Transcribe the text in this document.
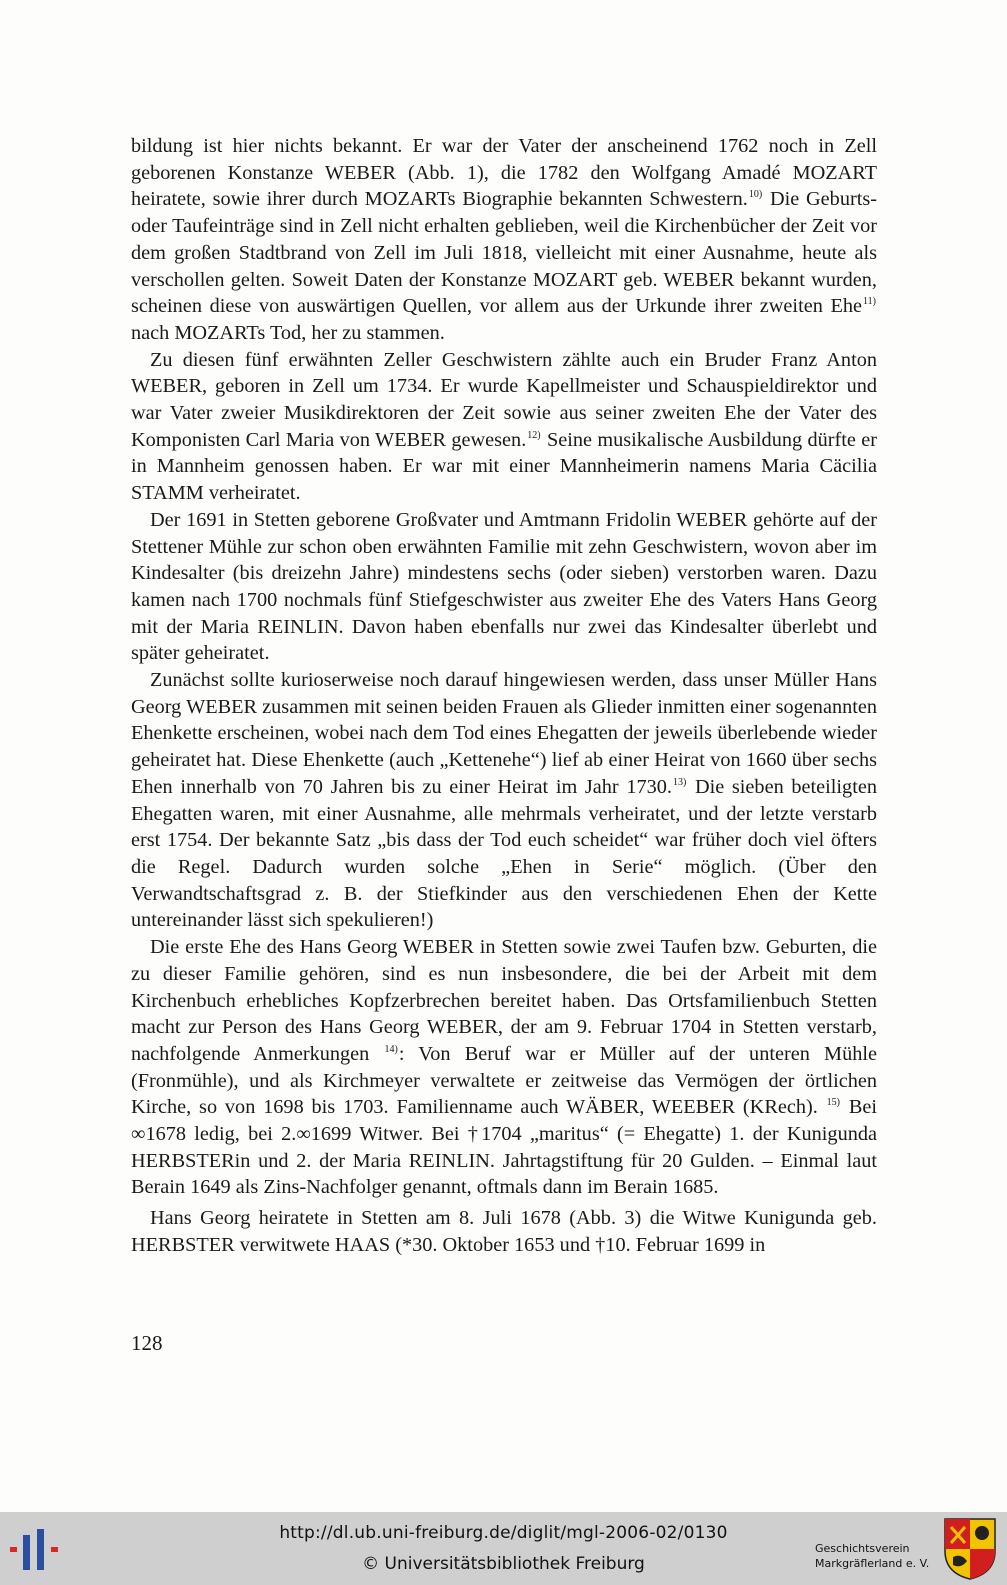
bildung ist hier nichts bekannt. Er war der Vater der anscheinend 1762 noch in Zell geborenen Konstanze WEBER (Abb. 1), die 1782 den Wolfgang Amadé MOZART heiratete, sowie ihrer durch MOZARTs Biographie bekannten Schwestern.$^{10)}$ Die Geburts- oder Taufeinträge sind in Zell nicht erhalten geblieben, weil die Kirchenbücher der Zeit vor dem großen Stadtbrand von Zell im Juli 1818, vielleicht mit einer Ausnahme, heute als verschollen gelten. Soweit Daten der Konstanze MOZART geb. WEBER bekannt wurden, scheinen diese von auswärtigen Quellen, vor allem aus der Urkunde ihrer zweiten Ehe$^{11)}$ nach MOZARTs Tod, her zu stammen.

Zu diesen fünf erwähnten Zeller Geschwistern zählte auch ein Bruder Franz Anton WEBER, geboren in Zell um 1734. Er wurde Kapellmeister und Schauspieldirektor und war Vater zweier Musikdirektoren der Zeit sowie aus seiner zweiten Ehe der Vater des Komponisten Carl Maria von WEBER gewesen.$^{12)}$ Seine musikalische Ausbildung dürfte er in Mannheim genossen haben. Er war mit einer Mannheimerin namens Maria Cäcilia STAMM verheiratet.

Der 1691 in Stetten geborene Großvater und Amtmann Fridolin WEBER gehörte auf der Stettener Mühle zur schon oben erwähnten Familie mit zehn Geschwistern, wovon aber im Kindesalter (bis dreizehn Jahre) mindestens sechs (oder sieben) verstorben waren. Dazu kamen nach 1700 nochmals fünf Stiefgeschwister aus zweiter Ehe des Vaters Hans Georg mit der Maria REINLIN. Davon haben ebenfalls nur zwei das Kindesalter überlebt und später geheiratet.

Zunächst sollte kurioserweise noch darauf hingewiesen werden, dass unser Müller Hans Georg WEBER zusammen mit seinen beiden Frauen als Glieder inmitten einer sogenannten Ehenkette erscheinen, wobei nach dem Tod eines Ehegatten der jeweils überlebende wieder geheiratet hat. Diese Ehenkette (auch „Kettenehe“) lief ab einer Heirat von 1660 über sechs Ehen innerhalb von 70 Jahren bis zu einer Heirat im Jahr 1730.$^{13)}$ Die sieben beteiligten Ehegatten waren, mit einer Ausnahme, alle mehrmals verheiratet, und der letzte verstarb erst 1754. Der bekannte Satz „bis dass der Tod euch scheidet“ war früher doch viel öfters die Regel. Dadurch wurden solche „Ehen in Serie“ möglich. (Über den Verwandtschaftsgrad z. B. der Stiefkinder aus den verschiedenen Ehen der Kette untereinander lässt sich spekulieren!)

Die erste Ehe des Hans Georg WEBER in Stetten sowie zwei Taufen bzw. Geburten, die zu dieser Familie gehören, sind es nun insbesondere, die bei der Arbeit mit dem Kirchenbuch erhebliches Kopfzerbrechen bereitet haben. Das Ortsfamilienbuch Stetten macht zur Person des Hans Georg WEBER, der am 9. Februar 1704 in Stetten verstarb, nachfolgende Anmerkungen $^{14)}$: Von Beruf war er Müller auf der unteren Mühle (Fronmühle), und als Kirchmeyer verwaltete er zeitweise das Vermögen der örtlichen Kirche, so von 1698 bis 1703. Familienname auch WÄBER, WEEBER (KRech). $^{15)}$ Bei ∞1678 ledig, bei 2.∞1699 Witwer. Bei †1704 „maritus“ (= Ehegatte) 1. der Kunigunda HERBSTERin und 2. der Maria REINLIN. Jahrtagstiftung für 20 Gulden. – Einmal laut Berain 1649 als Zins-Nachfolger genannt, oftmals dann im Berain 1685.

Hans Georg heiratete in Stetten am 8. Juli 1678 (Abb. 3) die Witwe Kunigunda geb. HERBSTER verwitwete HAAS (*30. Oktober 1653 und †10. Februar 1699 in

128
http://dl.ub.uni-freiburg.de/diglit/mgl-2006-02/0130
© Universitätsbibliothek Freiburg
Geschichtsverein
Markgräflerland e. V.
